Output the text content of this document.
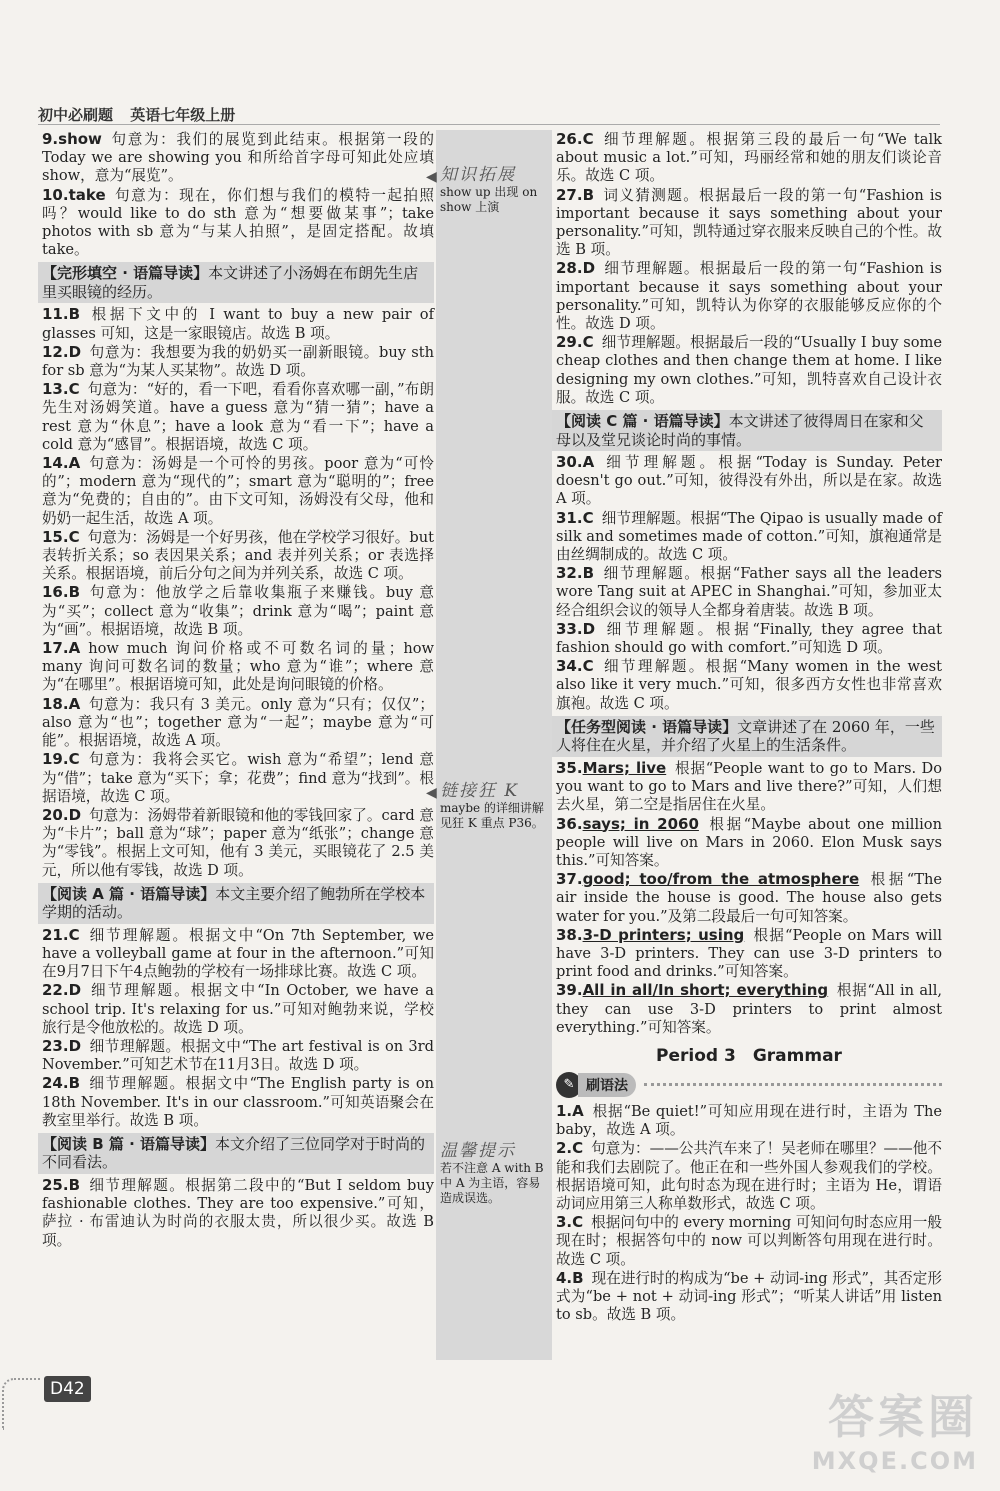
初中必刷题 英语七年级上册

9.show 句意为：我们的展览到此结束。根据第一段的 Today we are showing you 和所给首字母可知此处应填 show，意为“展览”。

10.take 句意为：现在，你们想与我们的模特一起拍照吗？would like to do sth 意为“想要做某事”；take photos with sb 意为“与某人拍照”，是固定搭配。故填 take。

【完形填空 · 语篇导读】本文讲述了小汤姆在布朗先生店里买眼镜的经历。

11.B 根据下文中的 I want to buy a new pair of glasses 可知，这是一家眼镜店。故选 B 项。

12.D 句意为：我想要为我的奶奶买一副新眼镜。buy sth for sb 意为“为某人买某物”。故选 D 项。

13.C 句意为：“好的，看一下吧，看看你喜欢哪一副，”布朗先生对汤姆笑道。have a guess 意为“猜一猜”；have a rest 意为“休息”；have a look 意为“看一下”；have a cold 意为“感冒”。根据语境，故选 C 项。

14.A 句意为：汤姆是一个可怜的男孩。poor 意为“可怜的”；modern 意为“现代的”；smart 意为“聪明的”；free 意为“免费的；自由的”。由下文可知，汤姆没有父母，他和奶奶一起生活，故选 A 项。

15.C 句意为：汤姆是一个好男孩，他在学校学习很好。but 表转折关系；so 表因果关系；and 表并列关系；or 表选择关系。根据语境，前后分句之间为并列关系，故选 C 项。

16.B 句意为：他放学之后靠收集瓶子来赚钱。buy 意为“买”；collect 意为“收集”；drink 意为“喝”；paint 意为“画”。根据语境，故选 B 项。

17.A how much 询问价格或不可数名词的量；how many 询问可数名词的数量；who 意为“谁”；where 意为“在哪里”。根据语境可知，此处是询问眼镜的价格。

18.A 句意为：我只有 3 美元。only 意为“只有；仅仅”；also 意为“也”；together 意为“一起”；maybe 意为“可能”。根据语境，故选 A 项。

19.C 句意为：我将会买它。wish 意为“希望”；lend 意为“借”；take 意为“买下；拿；花费”；find 意为“找到”。根据语境，故选 C 项。

20.D 句意为：汤姆带着新眼镜和他的零钱回家了。card 意为“卡片”；ball 意为“球”；paper 意为“纸张”；change 意为“零钱”。根据上文可知，他有 3 美元，买眼镜花了 2.5 美元，所以他有零钱，故选 D 项。

【阅读 A 篇 · 语篇导读】本文主要介绍了鲍勃所在学校本学期的活动。

21.C 细节理解题。根据文中“On 7th September, we have a volleyball game at four in the afternoon.”可知在9月7日下午4点鲍勃的学校有一场排球比赛。故选 C 项。

22.D 细节理解题。根据文中“In October, we have a school trip. It's relaxing for us.”可知对鲍勃来说，学校旅行是令他放松的。故选 D 项。

23.D 细节理解题。根据文中“The art festival is on 3rd November.”可知艺术节在11月3日。故选 D 项。

24.B 细节理解题。根据文中“The English party is on 18th November. It's in our classroom.”可知英语聚会在教室里举行。故选 B 项。

【阅读 B 篇 · 语篇导读】本文介绍了三位同学对于时尚的不同看法。

25.B 细节理解题。根据第二段中的“But I seldom buy fashionable clothes. They are too expensive.”可知，萨拉 · 布雷迪认为时尚的衣服太贵，所以很少买。故选 B 项。

26.C 细节理解题。根据第三段的最后一句“We talk about music a lot.”可知，玛丽经常和她的朋友们谈论音乐。故选 C 项。

27.B 词义猜测题。根据最后一段的第一句“Fashion is important because it says something about your personality.”可知，凯特通过穿衣服来反映自己的个性。故选 B 项。

28.D 细节理解题。根据最后一段的第一句“Fashion is important because it says something about your personality.”可知，凯特认为你穿的衣服能够反应你的个性。故选 D 项。

29.C 细节理解题。根据最后一段的“Usually I buy some cheap clothes and then change them at home. I like designing my own clothes.”可知，凯特喜欢自己设计衣服。故选 C 项。

【阅读 C 篇 · 语篇导读】本文讲述了彼得周日在家和父母以及堂兄谈论时尚的事情。

30.A 细节理解题。根据“Today is Sunday. Peter doesn't go out.”可知，彼得没有外出，所以是在家。故选 A 项。

31.C 细节理解题。根据“The Qipao is usually made of silk and sometimes made of cotton.”可知，旗袍通常是由丝绸制成的。故选 C 项。

32.B 细节理解题。根据“Father says all the leaders wore Tang suit at APEC in Shanghai.”可知，参加亚太经合组织会议的领导人全都身着唐装。故选 B 项。

33.D 细节理解题。根据“Finally, they agree that fashion should go with comfort.”可知选 D 项。

34.C 细节理解题。根据“Many women in the west also like it very much.”可知，很多西方女性也非常喜欢旗袍。故选 C 项。

【任务型阅读 · 语篇导读】文章讲述了在 2060 年，一些人将住在火星，并介绍了火星上的生活条件。

35.Mars; live 根据“People want to go to Mars. Do you want to go to Mars and live there?”可知，人们想去火星，第二空是指居住在火星。

36.says; in 2060 根据“Maybe about one million people will live on Mars in 2060. Elon Musk says this.”可知答案。

37.good; too/from the atmosphere 根据“The air inside the house is good. The house also gets water for you.”及第二段最后一句可知答案。

38.3-D printers; using 根据“People on Mars will have 3-D printers. They can use 3-D printers to print food and drinks.”可知答案。

39.All in all/In short; everything 根据“All in all, they can use 3-D printers to print almost everything.”可知答案。

Period 3　Grammar
✎ 刷语法

1.A 根据“Be quiet!”可知应用现在进行时，主语为 The baby，故选 A 项。

2.C 句意为：——公共汽车来了！吴老师在哪里？——他不能和我们去剧院了。他正在和一些外国人参观我们的学校。根据语境可知，此句时态为现在进行时；主语为 He，谓语动词应用第三人称单数形式，故选 C 项。

3.C 根据问句中的 every morning 可知问句时态应用一般现在时；根据答句中的 now 可以判断答句用现在进行时。故选 C 项。

4.B 现在进行时的构成为“be + 动词-ing 形式”，其否定形式为“be + not + 动词-ing 形式”；“听某人讲话”用 listen to sb。故选 B 项。

◀ 知识拓展
show up 出现 on show 上演
◀ 链接狂 K
maybe 的详细讲解见狂 K 重点 P36。
温馨提示
若不注意 A with B 中 A 为主语，容易造成误选。
D42
答案圈
MXQE.COM
